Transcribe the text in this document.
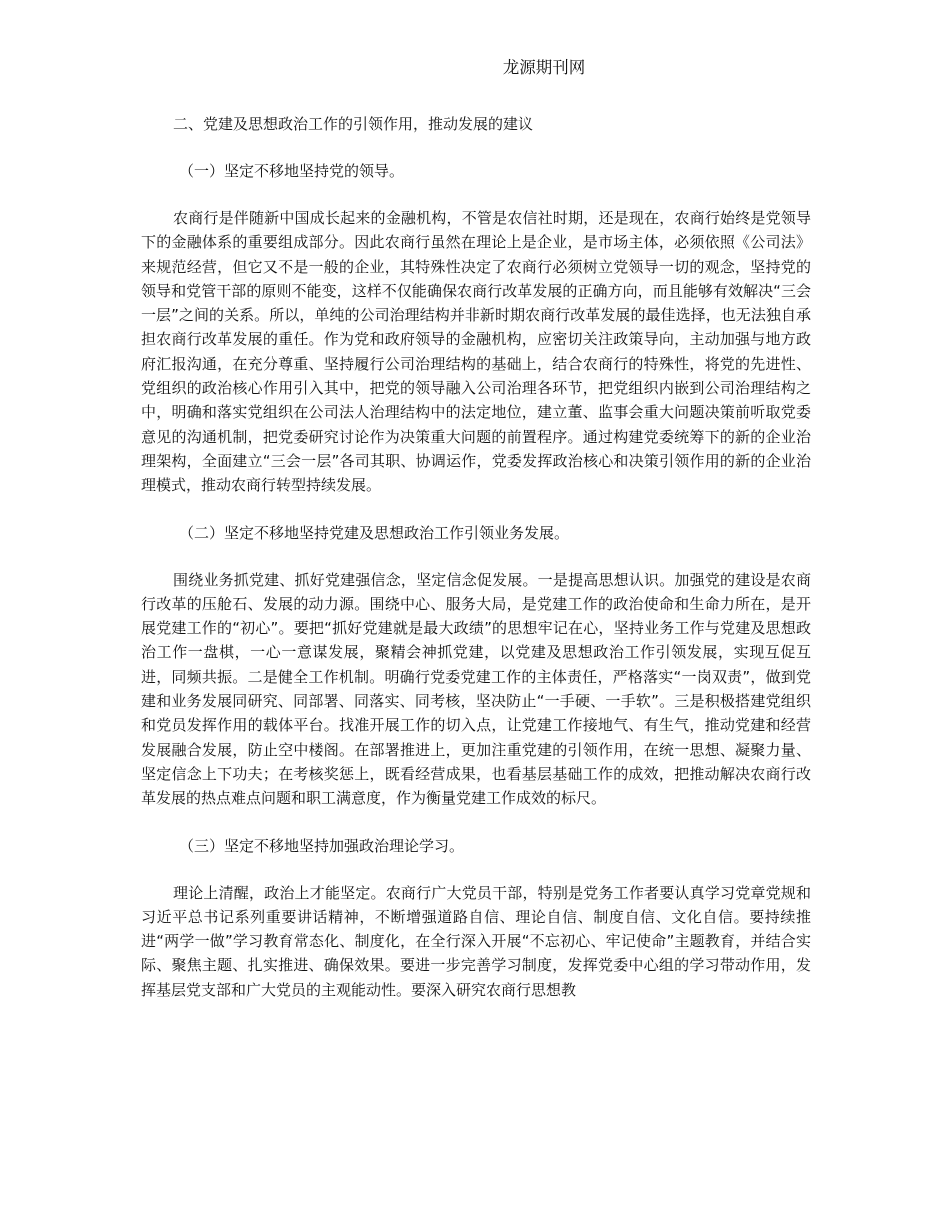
龙源期刊网
二、党建及思想政治工作的引领作用，推动发展的建议
（一）坚定不移地坚持党的领导。

农商行是伴随新中国成长起来的金融机构，不管是农信社时期，还是现在，农商行始终是党领导下的金融体系的重要组成部分。因此农商行虽然在理论上是企业，是市场主体，必须依照《公司法》来规范经营，但它又不是一般的企业，其特殊性决定了农商行必须树立党领导一切的观念，坚持党的领导和党管干部的原则不能变，这样不仅能确保农商行改革发展的正确方向，而且能够有效解决“三会一层”之间的关系。所以，单纯的公司治理结构并非新时期农商行改革发展的最佳选择，也无法独自承担农商行改革发展的重任。作为党和政府领导的金融机构，应密切关注政策导向，主动加强与地方政府汇报沟通，在充分尊重、坚持履行公司治理结构的基础上，结合农商行的特殊性，将党的先进性、党组织的政治核心作用引入其中，把党的领导融入公司治理各环节，把党组织内嵌到公司治理结构之中，明确和落实党组织在公司法人治理结构中的法定地位，建立董、监事会重大问题决策前听取党委意见的沟通机制，把党委研究讨论作为决策重大问题的前置程序。通过构建党委统筹下的新的企业治理架构，全面建立“三会一层”各司其职、协调运作，党委发挥政治核心和决策引领作用的新的企业治理模式，推动农商行转型持续发展。

（二）坚定不移地坚持党建及思想政治工作引领业务发展。

围绕业务抓党建、抓好党建强信念，坚定信念促发展。一是提高思想认识。加强党的建设是农商行改革的压舱石、发展的动力源。围绕中心、服务大局，是党建工作的政治使命和生命力所在，是开展党建工作的“初心”。要把“抓好党建就是最大政绩”的思想牢记在心，坚持业务工作与党建及思想政治工作一盘棋，一心一意谋发展，聚精会神抓党建，以党建及思想政治工作引领发展，实现互促互进，同频共振。二是健全工作机制。明确行党委党建工作的主体责任，严格落实“一岗双责”，做到党建和业务发展同研究、同部署、同落实、同考核，坚决防止“一手硬、一手软”。三是积极搭建党组织和党员发挥作用的载体平台。找准开展工作的切入点，让党建工作接地气、有生气，推动党建和经营发展融合发展，防止空中楼阁。在部署推进上，更加注重党建的引领作用，在统一思想、凝聚力量、坚定信念上下功夫；在考核奖惩上，既看经营成果，也看基层基础工作的成效，把推动解决农商行改革发展的热点难点问题和职工满意度，作为衡量党建工作成效的标尺。

（三）坚定不移地坚持加强政治理论学习。

理论上清醒，政治上才能坚定。农商行广大党员干部，特别是党务工作者要认真学习党章党规和习近平总书记系列重要讲话精神，不断增强道路自信、理论自信、制度自信、文化自信。要持续推进“两学一做”学习教育常态化、制度化，在全行深入开展“不忘初心、牢记使命”主题教育，并结合实际、聚焦主题、扎实推进、确保效果。要进一步完善学习制度，发挥党委中心组的学习带动作用，发挥基层党支部和广大党员的主观能动性。要深入研究农商行思想教
